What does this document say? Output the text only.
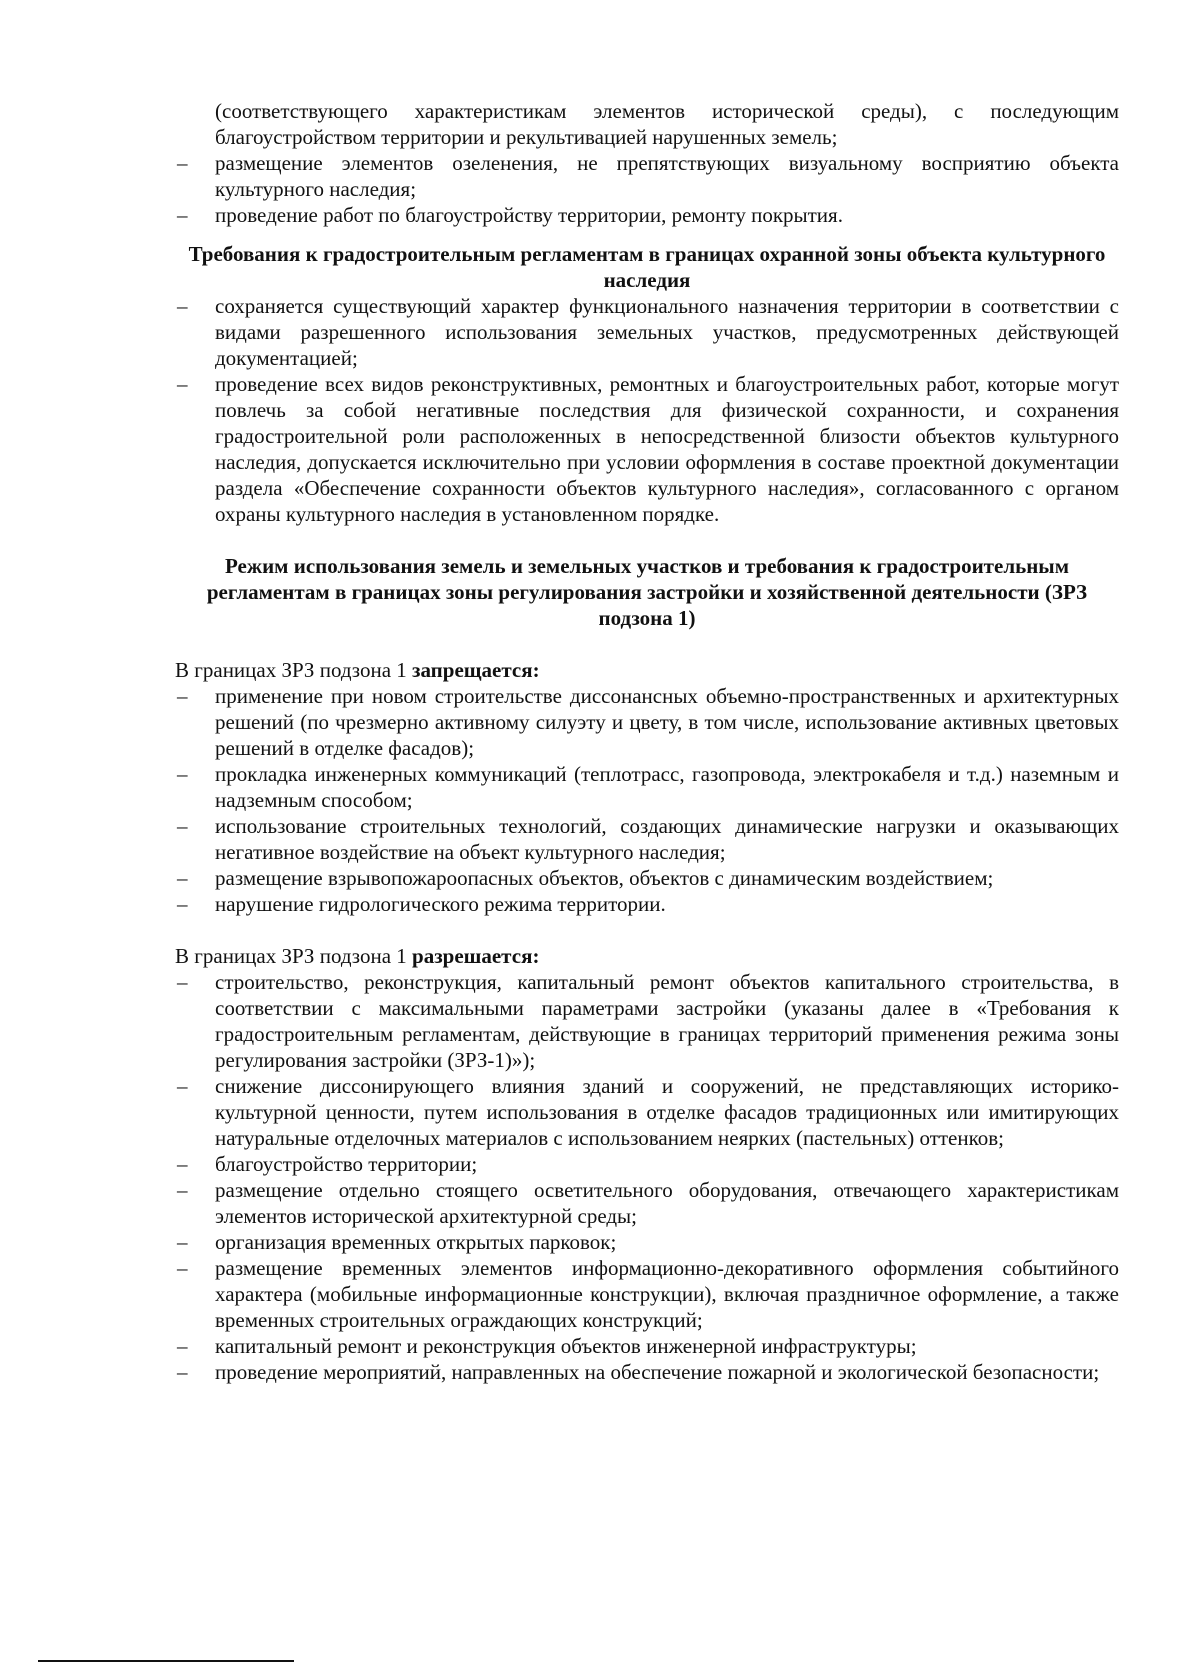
(соответствующего характеристикам элементов исторической среды), с последующим благоустройством территории и рекультивацией нарушенных земель;

– размещение элементов озеленения, не препятствующих визуальному восприятию объекта культурного наследия;
– проведение работ по благоустройству территории, ремонту покрытия.
Требования к градостроительным регламентам в границах охранной зоны объекта культурного наследия
– сохраняется существующий характер функционального назначения территории в соответствии с видами разрешенного использования земельных участков, предусмотренных действующей документацией;
– проведение всех видов реконструктивных, ремонтных и благоустроительных работ, которые могут повлечь за собой негативные последствия для физической сохранности, и сохранения градостроительной роли расположенных в непосредственной близости объектов культурного наследия, допускается исключительно при условии оформления в составе проектной документации раздела «Обеспечение сохранности объектов культурного наследия», согласованного с органом охраны культурного наследия в установленном порядке.
Режим использования земель и земельных участков и требования к градостроительным регламентам в границах зоны регулирования застройки и хозяйственной деятельности (ЗРЗ подзона 1)

В границах ЗРЗ подзона 1 запрещается:

– применение при новом строительстве диссонансных объемно-пространственных и архитектурных решений (по чрезмерно активному силуэту и цвету, в том числе, использование активных цветовых решений в отделке фасадов);
– прокладка инженерных коммуникаций (теплотрасс, газопровода, электрокабеля и т.д.) наземным и надземным способом;
– использование строительных технологий, создающих динамические нагрузки и оказывающих негативное воздействие на объект культурного наследия;
– размещение взрывопожароопасных объектов, объектов с динамическим воздействием;
– нарушение гидрологического режима территории.

В границах ЗРЗ подзона 1 разрешается:

– строительство, реконструкция, капитальный ремонт объектов капитального строительства, в соответствии с максимальными параметрами застройки (указаны далее в «Требования к градостроительным регламентам, действующие в границах территорий применения режима зоны регулирования застройки (ЗРЗ-1)»);
– снижение диссонирующего влияния зданий и сооружений, не представляющих историко-культурной ценности, путем использования в отделке фасадов традиционных или имитирующих натуральные отделочных материалов с использованием неярких (пастельных) оттенков;
– благоустройство территории;
– размещение отдельно стоящего осветительного оборудования, отвечающего характеристикам элементов исторической архитектурной среды;
– организация временных открытых парковок;
– размещение временных элементов информационно-декоративного оформления событийного характера (мобильные информационные конструкции), включая праздничное оформление, а также временных строительных ограждающих конструкций;
– капитальный ремонт и реконструкция объектов инженерной инфраструктуры;
– проведение мероприятий, направленных на обеспечение пожарной и экологической безопасности;
